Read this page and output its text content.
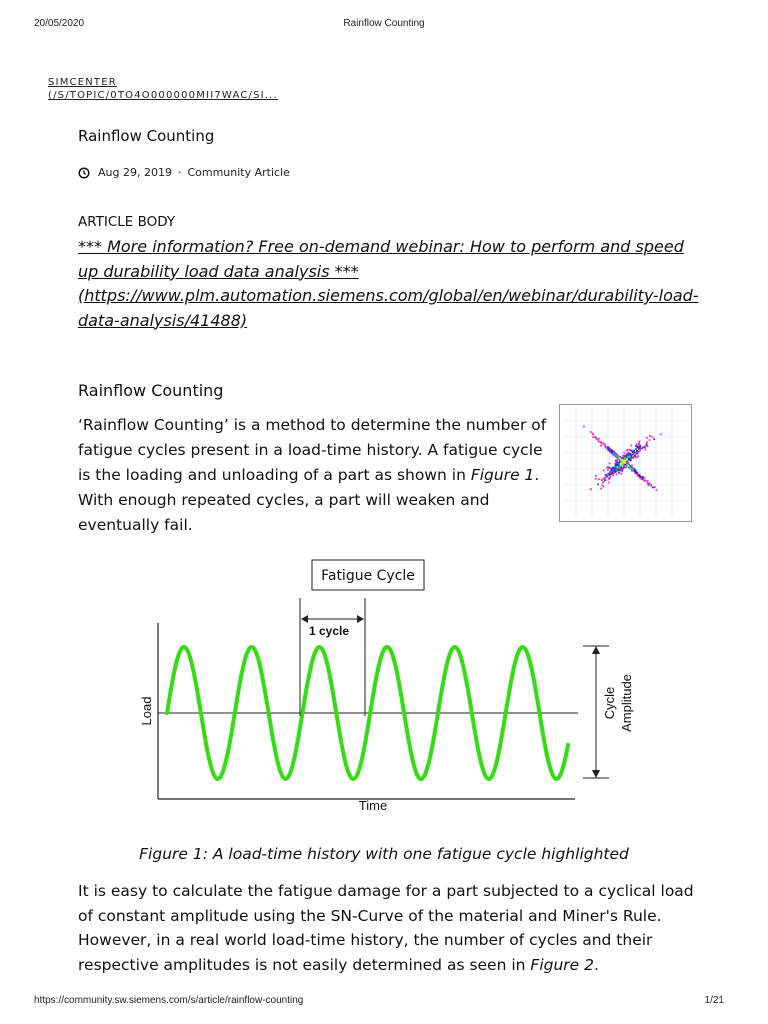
20/05/2020	Rainflow Counting
SIMCENTER
(/S/TOPIC/0TO4O000000MII7WAC/SI...
Rainflow Counting
Aug 29, 2019 · Community Article
ARTICLE BODY
*** More information? Free on-demand webinar: How to perform and speed up durability load data analysis ***
(https://www.plm.automation.siemens.com/global/en/webinar/durability-load-data-analysis/41488)
Rainflow Counting
‘Rainflow Counting’ is a method to determine the number of fatigue cycles present in a load-time history. A fatigue cycle is the loading and unloading of a part as shown in Figure 1. With enough repeated cycles, a part will weaken and eventually fail.
Fatigue Cycle
1 cycle
Cycle Amplitude
Load
Time
Figure 1: A load-time history with one fatigue cycle highlighted
It is easy to calculate the fatigue damage for a part subjected to a cyclical load of constant amplitude using the SN-Curve of the material and Miner's Rule. However, in a real world load-time history, the number of cycles and their respective amplitudes is not easily determined as seen in Figure 2.
https://community.sw.siemens.com/s/article/rainflow-counting	1/21
